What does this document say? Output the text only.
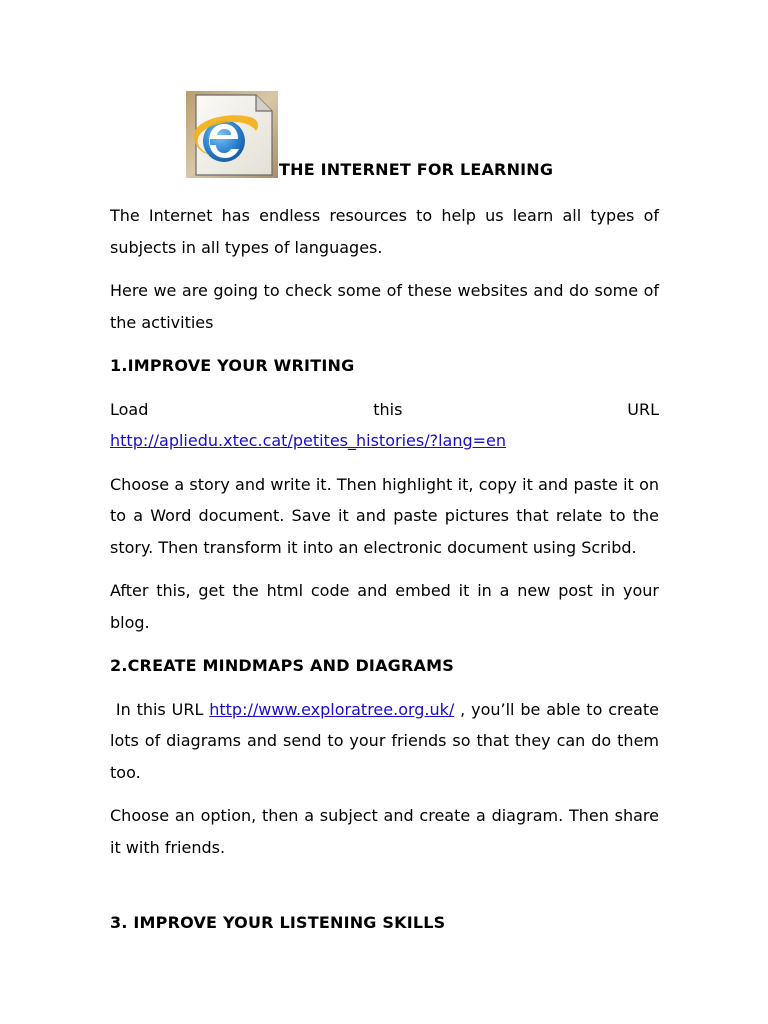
THE INTERNET FOR LEARNING

The Internet has endless resources to help us learn all types of subjects in all types of languages.

Here we are going to check some of these websites and do some of the activities

1.IMPROVE YOUR WRITING

Load	this	URL
http://apliedu.xtec.cat/petites_histories/?lang=en

Choose a story and write it. Then highlight it, copy it and paste it on to a Word document. Save it and paste pictures that relate to the story. Then transform it into an electronic document using Scribd.

After this, get the html code and embed it in a new post in your blog.

2.CREATE MINDMAPS AND DIAGRAMS

In this URL http://www.exploratree.org.uk/ , you’ll be able to create lots of diagrams and send to your friends so that they can do them too.

Choose an option, then a subject and create a diagram. Then share it with friends.

3. IMPROVE YOUR LISTENING SKILLS
